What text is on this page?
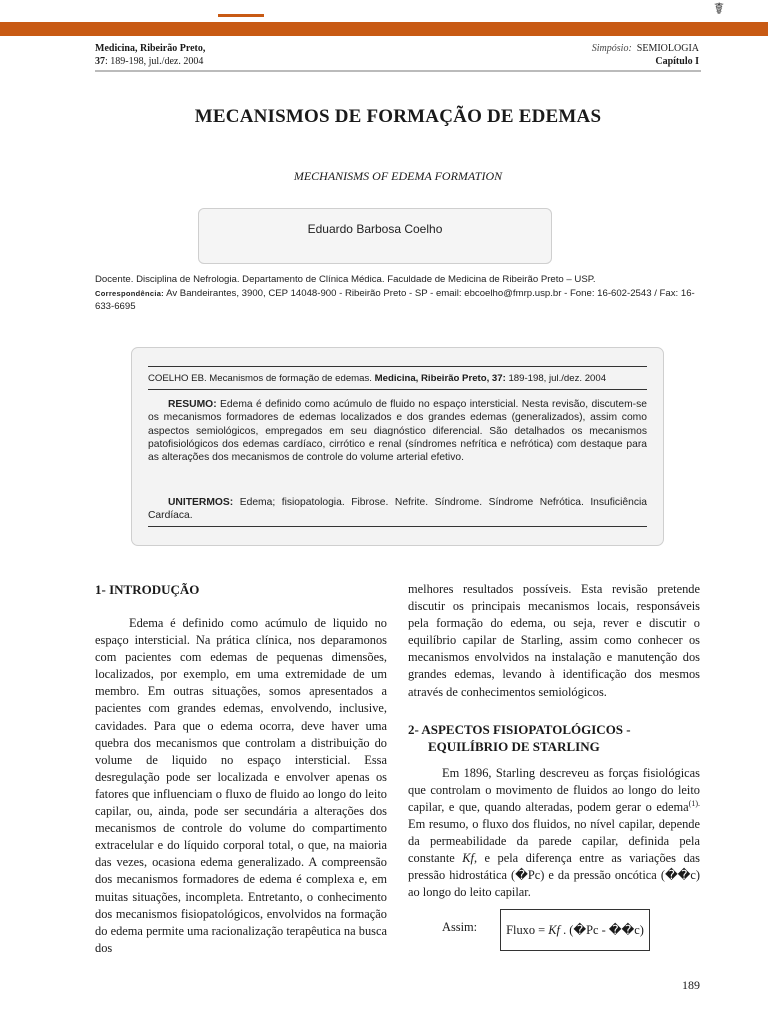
☤
Medicina, Ribeirão Preto,
37: 189-198, jul./dez. 2004
Simpósio: SEMIOLOGIA
Capítulo I
MECANISMOS DE FORMAÇÃO DE EDEMAS
MECHANISMS OF EDEMA FORMATION
Eduardo Barbosa Coelho

Docente. Disciplina de Nefrologia. Departamento de Clínica Médica. Faculdade de Medicina de Ribeirão Preto – USP.

Correspondência: Av Bandeirantes, 3900, CEP 14048-900 - Ribeirão Preto - SP - email: ebcoelho@fmrp.usp.br - Fone: 16-602-2543 / Fax: 16- 633-6695

COELHO EB. Mecanismos de formação de edemas. Medicina, Ribeirão Preto, 37: 189-198, jul./dez. 2004
RESUMO: Edema é definido como acúmulo de fluido no espaço intersticial. Nesta revisão, discutem-se os mecanismos formadores de edemas localizados e dos grandes edemas (generalizados), assim como aspectos semiológicos, empregados em seu diagnóstico diferencial. São detalhados os mecanismos patofisiológicos dos edemas cardíaco, cirrótico e renal (síndromes nefrítica e nefrótica) com destaque para as alterações dos mecanismos de controle do volume arterial efetivo.
UNITERMOS: Edema; fisiopatologia. Fibrose. Nefrite. Síndrome. Síndrome Nefrótica. Insuficiência Cardíaca.
1- INTRODUÇÃO

Edema é definido como acúmulo de liquido no espaço intersticial. Na prática clínica, nos deparamonos com pacientes com edemas de pequenas dimensões, localizados, por exemplo, em uma extremidade de um membro. Em outras situações, somos apresentados a pacientes com grandes edemas, envolvendo, inclusive, cavidades. Para que o edema ocorra, deve haver uma quebra dos mecanismos que controlam a distribuição do volume de liquido no espaço intersticial. Essa desregulação pode ser localizada e envolver apenas os fatores que influenciam o fluxo de fluido ao longo do leito capilar, ou, ainda, pode ser secundária a alterações dos mecanismos de controle do volume do compartimento extracelular e do líquido corporal total, o que, na maioria das vezes, ocasiona edema generalizado. A compreensão dos mecanismos formadores de edema é complexa e, em muitas situações, incompleta. Entretanto, o conhecimento dos mecanismos fisiopatológicos, envolvidos na formação do edema permite uma racionalização terapêutica na busca dos

melhores resultados possíveis. Esta revisão pretende discutir os principais mecanismos locais, responsáveis pela formação do edema, ou seja, rever e discutir o equilíbrio capilar de Starling, assim como conhecer os mecanismos envolvidos na instalação e manutenção dos grandes edemas, levando à identificação dos mesmos através de conhecimentos semiológicos.

2- ASPECTOS FISIOPATOLÓGICOS - EQUILÍBRIO DE STARLING

Em 1896, Starling descreveu as forças fisiológicas que controlam o movimento de fluidos ao longo do leito capilar, e que, quando alteradas, podem gerar o edema$^{(1).}$ Em resumo, o fluxo dos fluidos, no nível capilar, depende da permeabilidade da parede capilar, definida pela constante Kf, e pela diferença entre as variações das pressão hidrostática (�Pc) e da pressão oncótica (��c) ao longo do leito capilar.

Assim:	Fluxo = Kf . (�Pc - ��c)
189
